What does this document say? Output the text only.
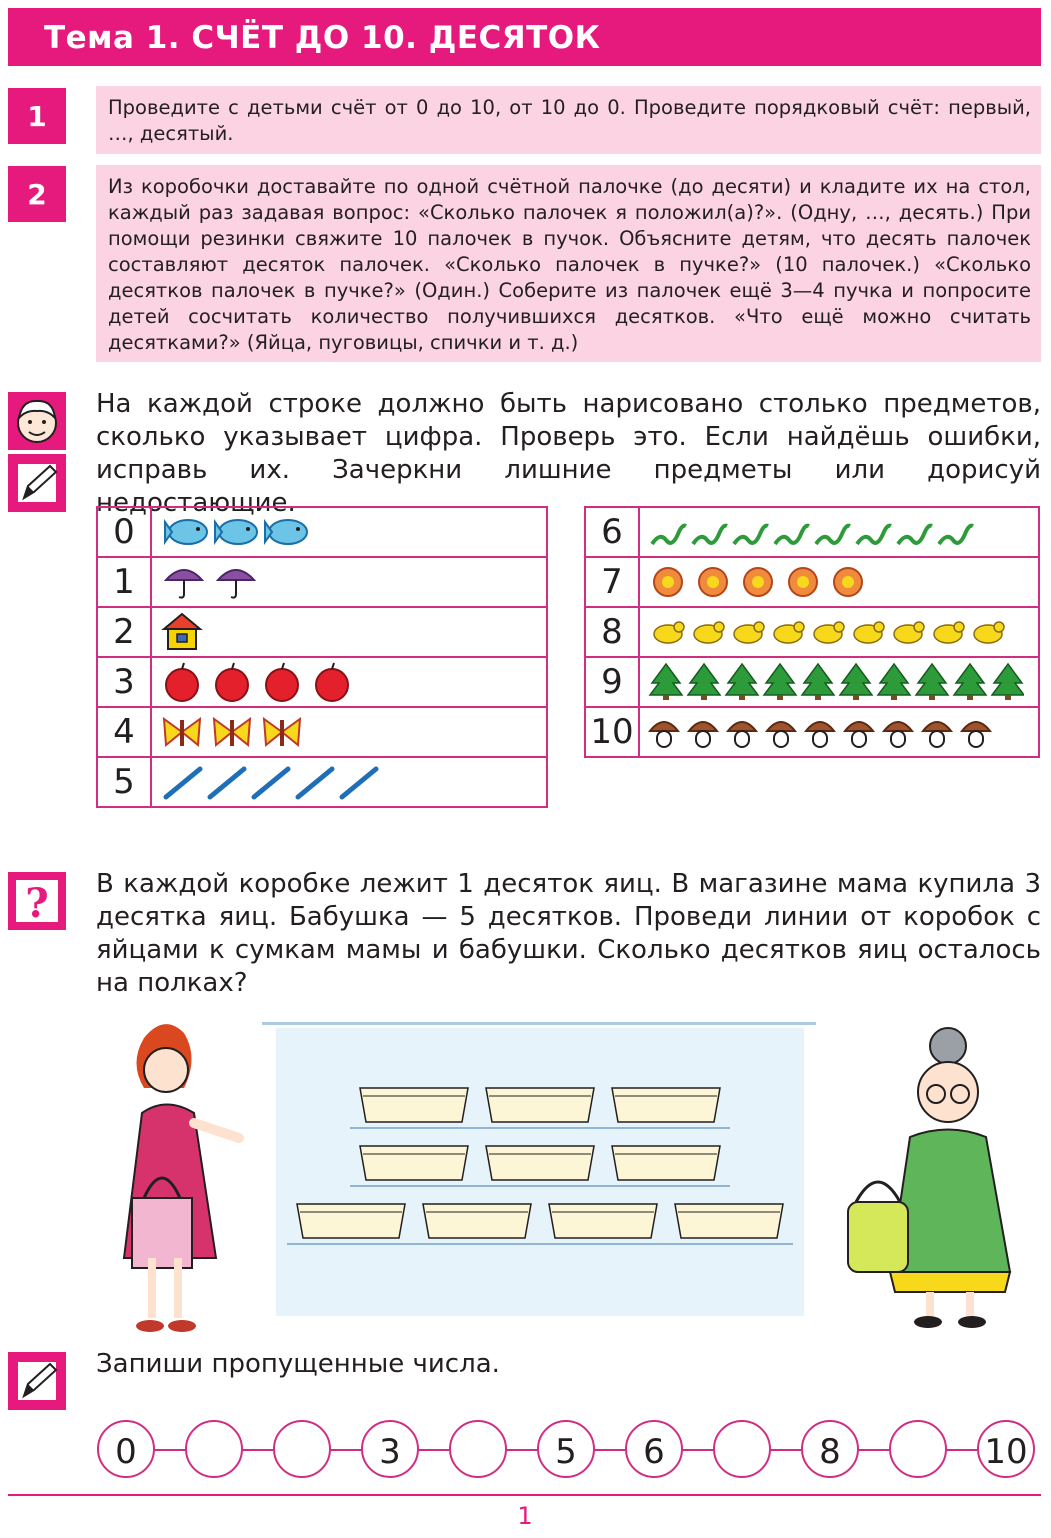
Тема 1. СЧЁТ ДО 10. ДЕСЯТОК
1	Проведите с детьми счёт от 0 до 10, от 10 до 0. Проведите порядковый счёт: первый, …, десятый.
2	Из коробочки доставайте по одной счётной палочке (до десяти) и кладите их на стол, каждый раз задавая вопрос: «Сколько палочек я положил(а)?». (Одну, …, десять.) При помощи резинки свяжите 10 палочек в пучок. Объясните детям, что десять палочек составляют десяток палочек. «Сколько палочек в пучке?» (10 палочек.) «Сколько десятков палочек в пучке?» (Один.) Соберите из палочек ещё 3—4 пучка и попросите детей сосчитать количество получившихся десятков. «Что ещё можно считать десятками?» (Яйца, пуговицы, спички и т. д.)
На каждой строке должно быть нарисовано столько предметов, сколько указывает цифра. Проверь это. Если найдёшь ошибки, исправь их. Зачеркни лишние предметы или дорисуй недостающие.
0	
1	
2	
3	
4	
5	
6	
7	
8	
9	
10	
? В каждой коробке лежит 1 десяток яиц. В магазине мама купила 3 десятка яиц. Бабушка — 5 десятков. Проведи линии от коробок с яйцами к сумкам мамы и бабушки. Сколько десятков яиц осталось на полках?
Запиши пропущенные числа.
0	3	5	6	8	10
1
